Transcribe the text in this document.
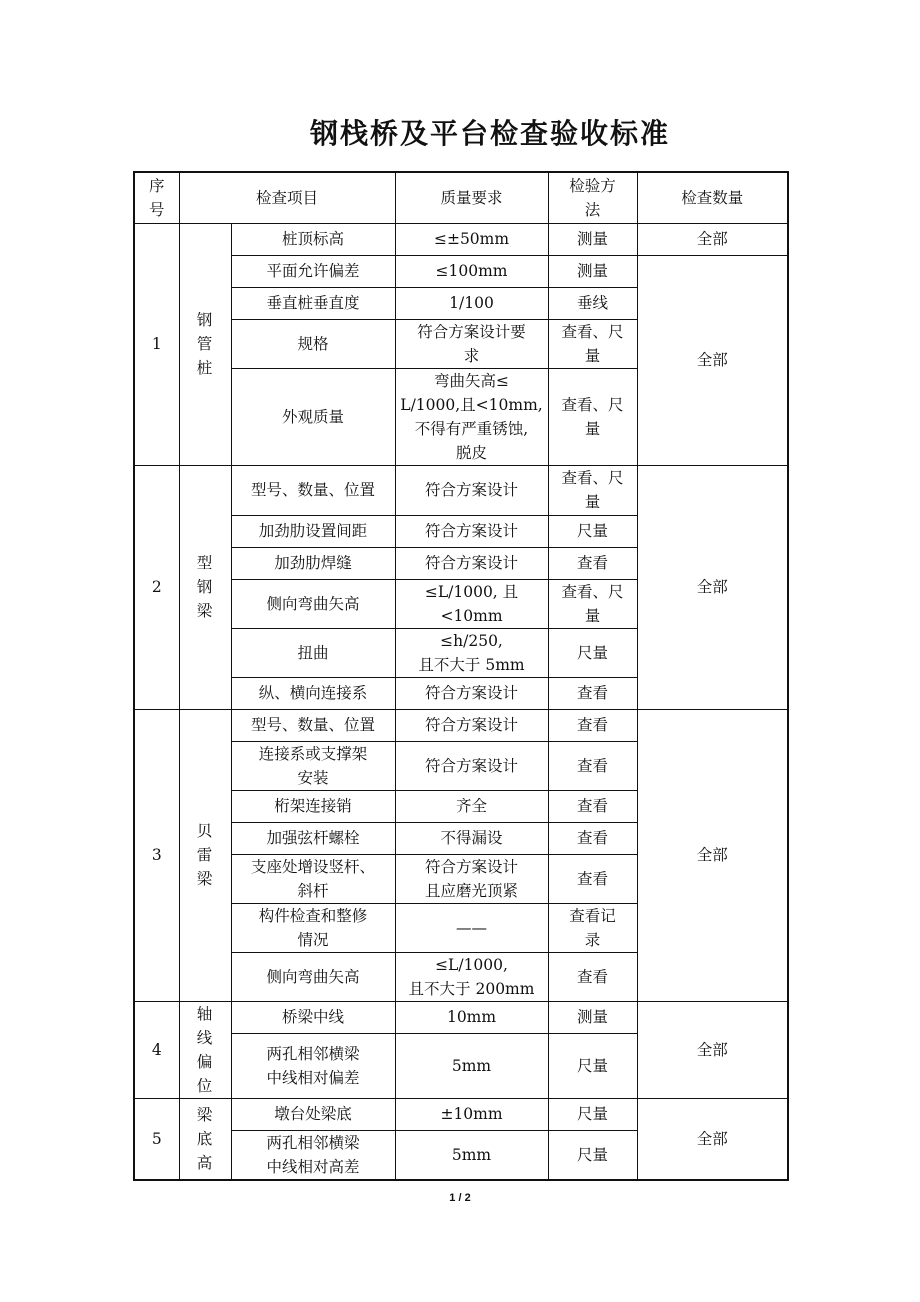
钢栈桥及平台检查验收标准
序
号	检查项目		质量要求	检验方
法	检查数量
1	钢
管
桩	桩顶标高	≤±50mm	测量	全部
		平面允许偏差	≤100mm	测量	全部
		垂直桩垂直度	1/100	垂线	
		规格	符合方案设计要
求	查看、尺
量	
		外观质量	弯曲矢高≤
L/1000,且<10mm,
不得有严重锈蚀,
脱皮	查看、尺
量	
2	型
钢
梁	型号、数量、位置	符合方案设计	查看、尺
量	全部
		加劲肋设置间距	符合方案设计	尺量	
		加劲肋焊缝	符合方案设计	查看	
		侧向弯曲矢高	≤L/1000, 且
<10mm	查看、尺
量	
		扭曲	≤h/250,
且不大于 5mm	尺量	
		纵、横向连接系	符合方案设计	查看	
3	贝
雷
梁	型号、数量、位置	符合方案设计	查看	全部
		连接系或支撑架
安装	符合方案设计	查看	
		桁架连接销	齐全	查看	
		加强弦杆螺栓	不得漏设	查看	
		支座处增设竖杆、
斜杆	符合方案设计
且应磨光顶紧	查看	
		构件检查和整修
情况	——	查看记
录	
		侧向弯曲矢高	≤L/1000,
且不大于 200mm	查看	
4	轴
线
偏
位	桥梁中线	10mm	测量	全部
		两孔相邻横梁
中线相对偏差	5mm	尺量	
5	梁
底
高	墩台处梁底	±10mm	尺量	全部
		两孔相邻横梁
中线相对高差	5mm	尺量	
1 / 2
